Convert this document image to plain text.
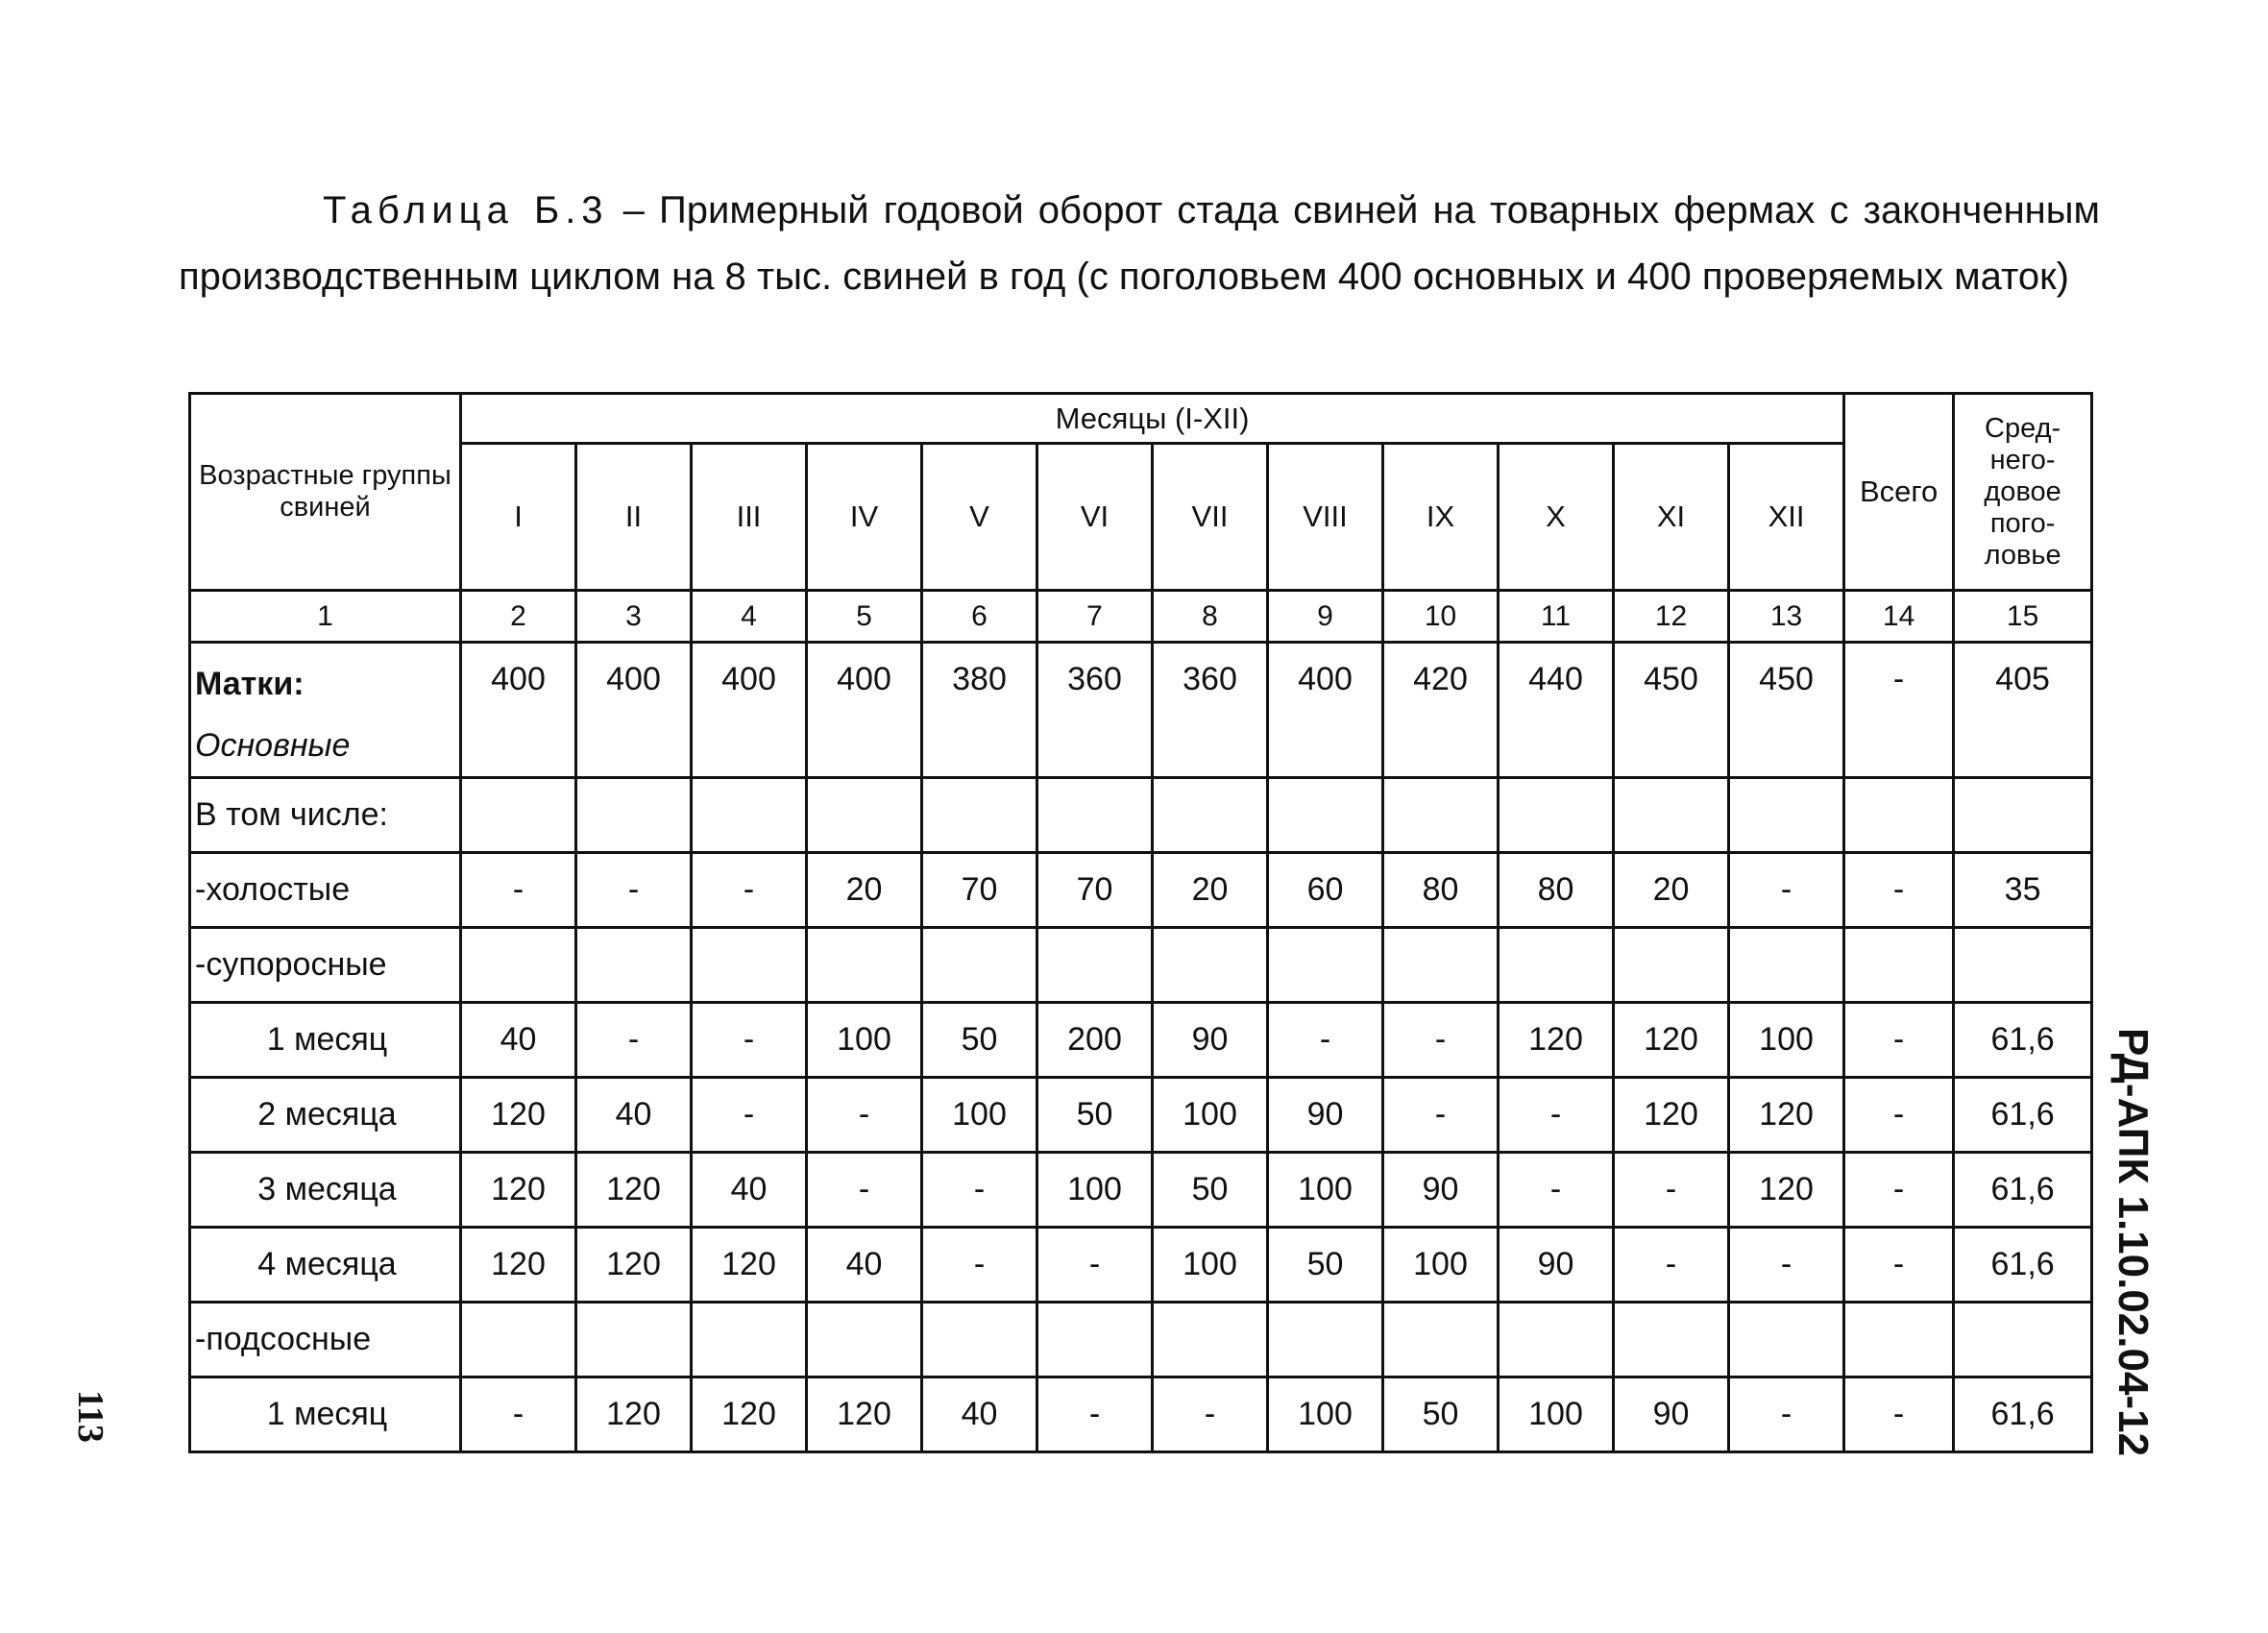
Таблица Б.3 – Примерный годовой оборот стада свиней на товарных фермах с законченным производственным циклом на 8 тыс. свиней в год (с поголовьем 400 основных и 400 проверяемых маток)
Возрастные группы свиней	Месяцы (I-XII)												Всего	Сред- него- довое пого- ловье
	I	II	III	IV	V	VI	VII	VIII	IX	X	XI	XII		
1	2	3	4	5	6	7	8	9	10	11	12	13	14	15
Матки: Основные	400	400	400	400	380	360	360	400	420	440	450	450	-	405
В том числе:														
-холостые	-	-	-	20	70	70	20	60	80	80	20	-	-	35
-супоросные														
1 месяц	40	-	-	100	50	200	90	-	-	120	120	100	-	61,6
2 месяца	120	40	-	-	100	50	100	90	-	-	120	120	-	61,6
3 месяца	120	120	40	-	-	100	50	100	90	-	-	120	-	61,6
4 месяца	120	120	120	40	-	-	100	50	100	90	-	-	-	61,6
-подсосные														
1 месяц	-	120	120	120	40	-	-	100	50	100	90	-	-	61,6 РД-АПК 1.10.02.04-12
113
